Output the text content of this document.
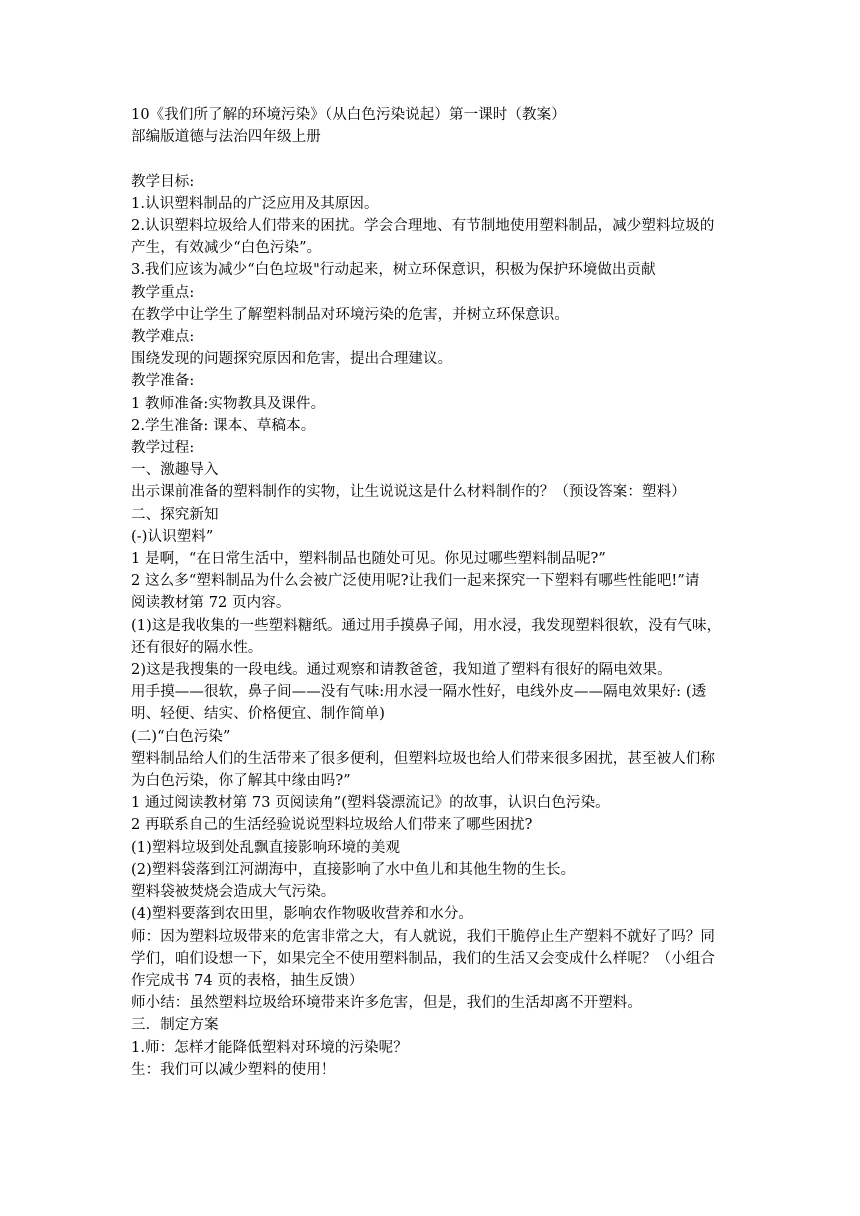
10《我们所了解的环境污染》（从白色污染说起）第一课时（教案）
部编版道德与法治四年级上册
教学目标:
1.认识塑料制品的广泛应用及其原因。
2.认识塑料垃圾给人们带来的困扰。学会合理地、有节制地使用塑料制品，减少塑料垃圾的
产生，有效减少“白色污染”。
3.我们应该为减少“白色垃圾"行动起来，树立环保意识，积极为保护环境做出贡献
教学重点:
在教学中让学生了解塑料制品对环境污染的危害，并树立环保意识。
教学难点:
围绕发现的问题探究原因和危害，提出合理建议。
教学准备:
1 教师准备:实物教具及课件。
2.学生准备: 课本、草稿本。
教学过程:
一、激趣导入
出示课前准备的塑料制作的实物，让生说说这是什么材料制作的？（预设答案：塑料）
二、探究新知
(-)认识塑料”
1 是啊，“在日常生活中，塑料制品也随处可见。你见过哪些塑料制品呢?”
2 这么多“塑料制品为什么会被广泛使用呢?让我们一起来探究一下塑料有哪些性能吧!”请
阅读教材第 72 页内容。
(1)这是我收集的一些塑料糖纸。通过用手摸鼻子闻，用水浸，我发现塑料很软，没有气味，
还有很好的隔水性。
2)这是我搜集的一段电线。通过观察和请教爸爸，我知道了塑料有很好的隔电效果。
用手摸——很软，鼻子间——没有气味:用水浸一隔水性好，电线外皮——隔电效果好: (透
明、轻便、结实、价格便宜、制作简单)
(二)“白色污染”
塑料制品给人们的生活带来了很多便利，但塑料垃圾也给人们带来很多困扰，甚至被人们称
为白色污染，你了解其中缘由吗?”
1 通过阅读教材第 73 页阅读角”(塑料袋漂流记》的故事，认识白色污染。
2 再联系自己的生活经验说说型料垃圾给人们带来了哪些困扰?
(1)塑料垃圾到处乱飘直接影响环境的美观
(2)塑料袋落到江河湖海中，直接影响了水中鱼儿和其他生物的生长。
塑料袋被焚烧会造成大气污染。
(4)塑料要落到农田里，影响农作物吸收营养和水分。
师：因为塑料垃圾带来的危害非常之大，有人就说，我们干脆停止生产塑料不就好了吗？同
学们，咱们设想一下，如果完全不使用塑料制品，我们的生活又会变成什么样呢？（小组合
作完成书 74 页的表格，抽生反馈）
师小结：虽然塑料垃圾给环境带来许多危害，但是，我们的生活却离不开塑料。
三．制定方案
1.师：怎样才能降低塑料对环境的污染呢？
生：我们可以减少塑料的使用！
